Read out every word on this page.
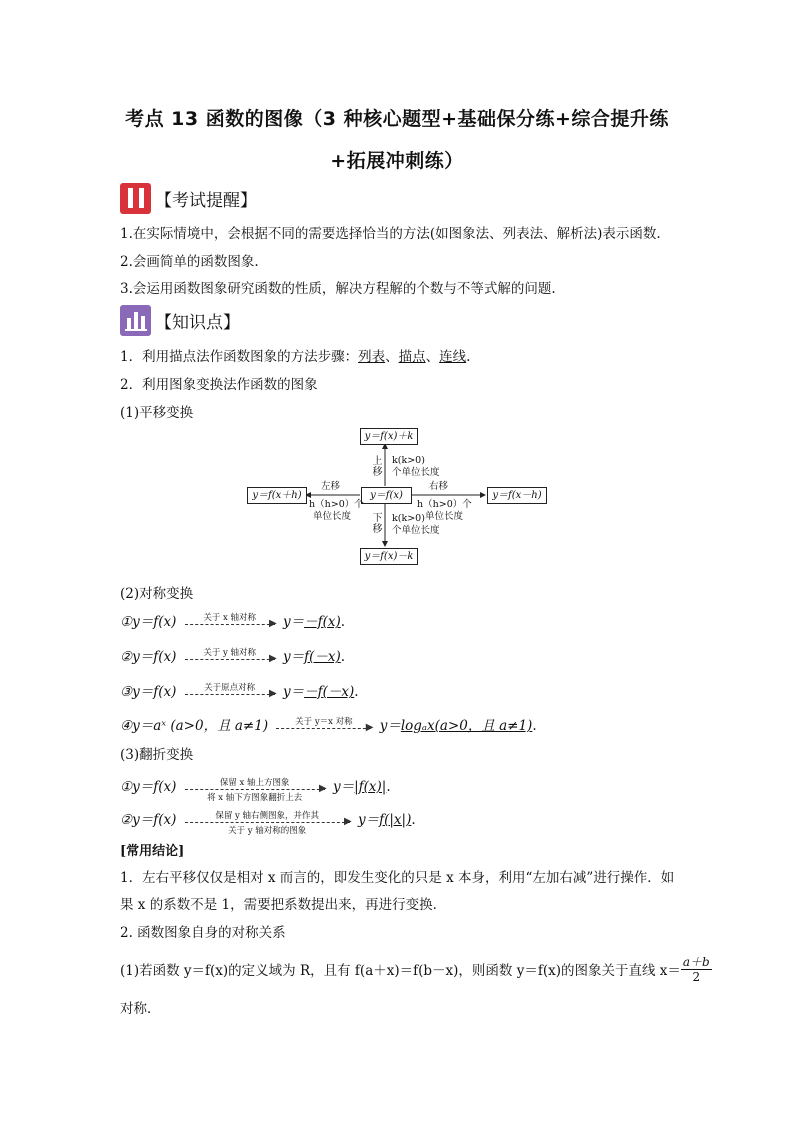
考点 13 函数的图像（3 种核心题型+基础保分练+综合提升练
+拓展冲刺练）
【考试提醒】
1.在实际情境中，会根据不同的需要选择恰当的方法(如图象法、列表法、解析法)表示函数.
2.会画简单的函数图象.
3.会运用函数图象研究函数的性质，解决方程解的个数与不等式解的问题.
【知识点】
1．利用描点法作函数图象的方法步骤：列表、描点、连线.
2．利用图象变换法作函数的图象
(1)平移变换
y＝f(x)＋k
y＝f(x)
y＝f(x＋h)	y＝f(x－h)
y＝f(x)－k
上移
k(k>0)
个单位长度
下移
k(k>0)
个单位长度
左移
h（h>0）个
单位长度
右移
h（h>0）个
单位长度
(2)对称变换
①y＝f(x)	关于 x 轴对称	▶ y＝－f(x).
②y＝f(x)	关于 y 轴对称	▶ y＝f(－x).
③y＝f(x)	关于原点对称	▶ y＝－f(－x).
④y＝aˣ (a>0，且 a≠1)	关于 y＝x 对称	▶ y＝logₐx(a>0，且 a≠1).
(3)翻折变换
①y＝f(x)	保留 x 轴上方图象
将 x 轴下方图象翻折上去
▶ y＝|f(x)|.
②y＝f(x)	保留 y 轴右侧图象，并作其
关于 y 轴对称的图象
▶ y＝f(|x|).
[常用结论]
1．左右平移仅仅是相对 x 而言的，即发生变化的只是 x 本身，利用“左加右减”进行操作．如
果 x 的系数不是 1，需要把系数提出来，再进行变换．
2. 函数图象自身的对称关系
(1)若函数 y＝f(x)的定义域为 R，且有 f(a＋x)＝f(b－x)，则函数 y＝f(x)的图象关于直线 $x= \frac{a+b}{2}$
对称．
